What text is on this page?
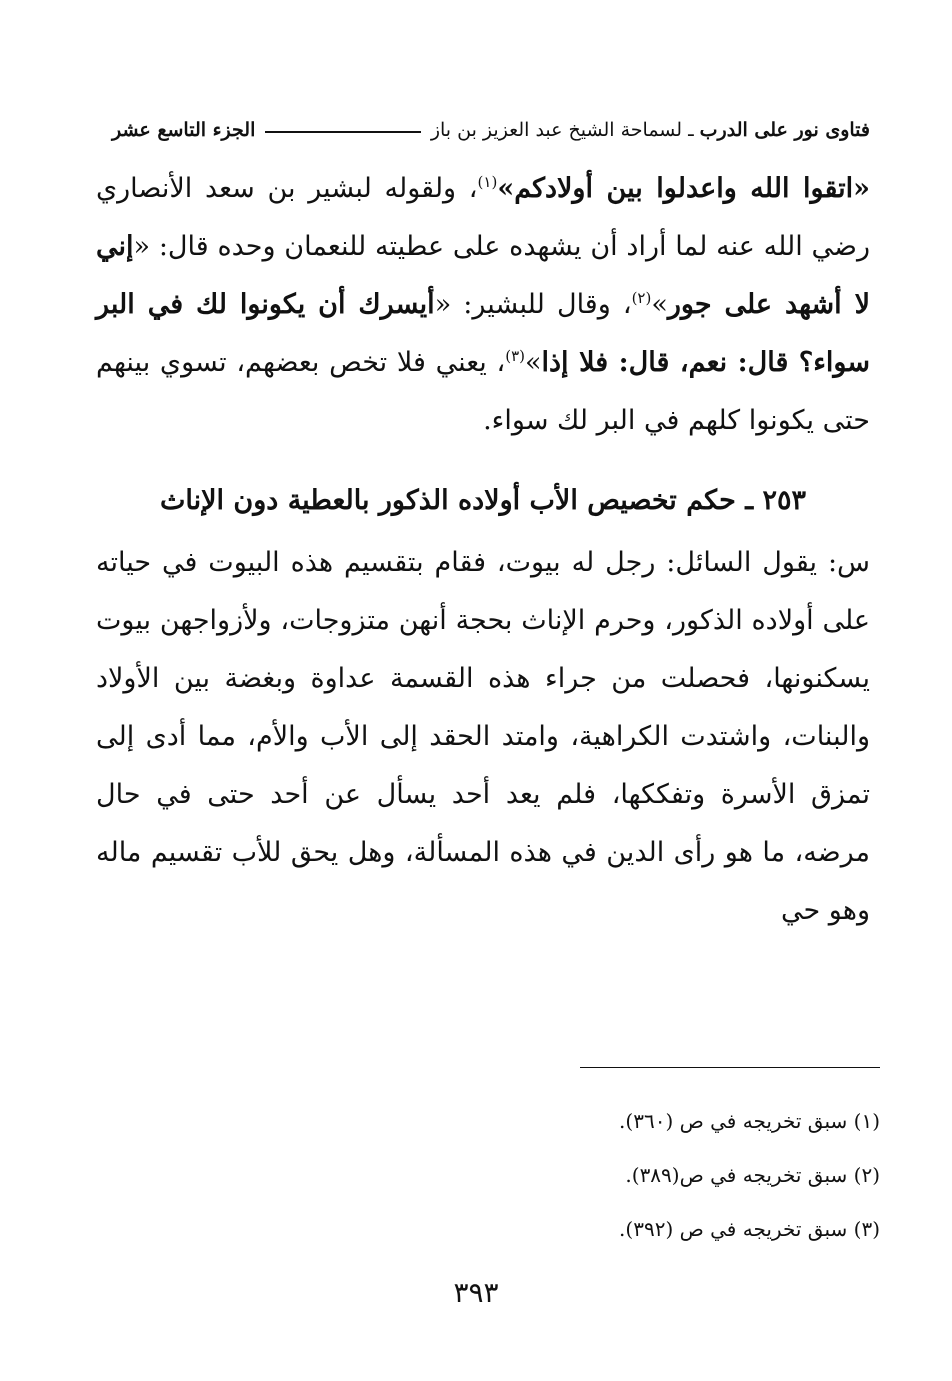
فتاوى نور على الدرب
ـ لسماحة الشيخ عبد العزيز بن باز
الجزء التاسع عشر

«اتقوا الله واعدلوا بين أولادكم»$^{(١)}$، ولقوله لبشير بن سعد الأنصاري رضي الله عنه لما أراد أن يشهده على عطيته للنعمان وحده قال: «إني لا أشهد على جور»$^{(٢)}$، وقال للبشير: «أيسرك أن يكونوا لك في البر سواء؟ قال: نعم، قال: فلا إذا»$^{(٣)}$، يعني فلا تخص بعضهم، تسوي بينهم حتى يكونوا كلهم في البر لك سواء.

٢٥٣ ـ حكم تخصيص الأب أولاده الذكور بالعطية دون الإناث

س: يقول السائل: رجل له بيوت، فقام بتقسيم هذه البيوت في حياته على أولاده الذكور، وحرم الإناث بحجة أنهن متزوجات، ولأزواجهن بيوت يسكنونها، فحصلت من جراء هذه القسمة عداوة وبغضة بين الأولاد والبنات، واشتدت الكراهية، وامتد الحقد إلى الأب والأم، مما أدى إلى تمزق الأسرة وتفككها، فلم يعد أحد يسأل عن أحد حتى في حال مرضه، ما هو رأى الدين في هذه المسألة، وهل يحق للأب تقسيم ماله وهو حي

(١) سبق تخريجه في ص (٣٦٠).
(٢) سبق تخريجه في ص(٣٨٩).
(٣) سبق تخريجه في ص (٣٩٢).
٣٩٣
